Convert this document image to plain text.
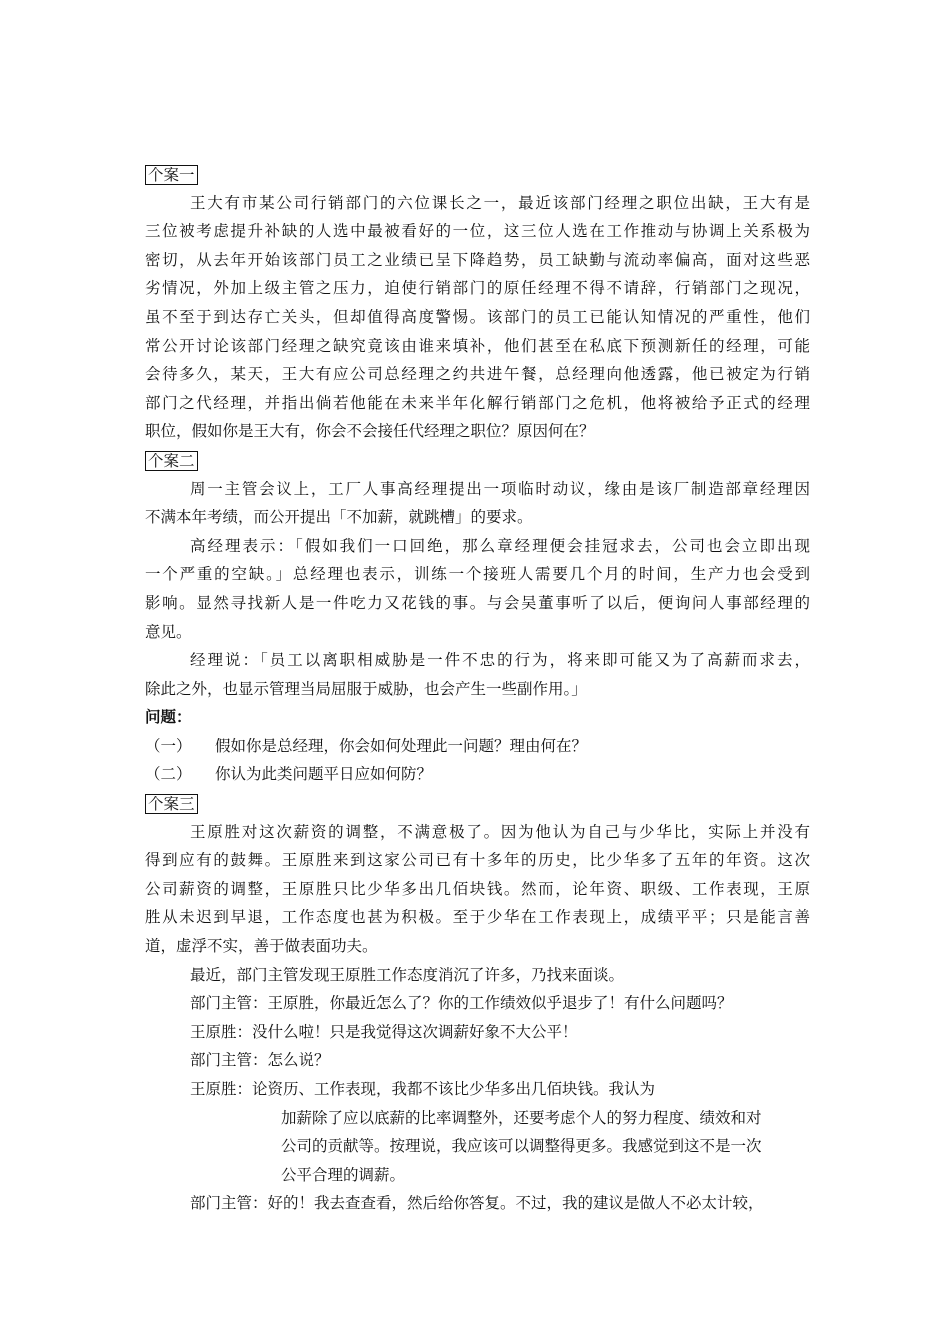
个案一
王大有市某公司行销部门的六位课长之一，最近该部门经理之职位出缺，王大有是
三位被考虑提升补缺的人选中最被看好的一位，这三位人选在工作推动与协调上关系极为
密切，从去年开始该部门员工之业绩已呈下降趋势，员工缺勤与流动率偏高，面对这些恶
劣情况，外加上级主管之压力，迫使行销部门的原任经理不得不请辞，行销部门之现况，
虽不至于到达存亡关头，但却值得高度警惕。该部门的员工已能认知情况的严重性，他们
常公开讨论该部门经理之缺究竟该由谁来填补，他们甚至在私底下预测新任的经理，可能
会待多久，某天，王大有应公司总经理之约共进午餐，总经理向他透露，他已被定为行销
部门之代经理，并指出倘若他能在未来半年化解行销部门之危机，他将被给予正式的经理
职位，假如你是王大有，你会不会接任代经理之职位？原因何在？
个案二
周一主管会议上，工厂人事高经理提出一项临时动议，缘由是该厂制造部章经理因
不满本年考绩，而公开提出「不加薪，就跳槽」的要求。
高经理表示：「假如我们一口回绝，那么章经理便会挂冠求去，公司也会立即出现
一个严重的空缺。」总经理也表示，训练一个接班人需要几个月的时间，生产力也会受到
影响。显然寻找新人是一件吃力又花钱的事。与会吴董事听了以后，便询问人事部经理的
意见。
经理说：「员工以离职相威胁是一件不忠的行为，将来即可能又为了高薪而求去，
除此之外，也显示管理当局屈服于威胁，也会产生一些副作用。」
问题：
（一） 假如你是总经理，你会如何处理此一问题？理由何在？
（二） 你认为此类问题平日应如何防？
个案三
王原胜对这次薪资的调整，不满意极了。因为他认为自己与少华比，实际上并没有
得到应有的鼓舞。王原胜来到这家公司已有十多年的历史，比少华多了五年的年资。这次
公司薪资的调整，王原胜只比少华多出几佰块钱。然而，论年资、职级、工作表现，王原
胜从未迟到早退，工作态度也甚为积极。至于少华在工作表现上，成绩平平；只是能言善
道，虚浮不实，善于做表面功夫。
最近，部门主管发现王原胜工作态度消沉了许多，乃找来面谈。
部门主管：王原胜，你最近怎么了？你的工作绩效似乎退步了！有什么问题吗？
王原胜：没什么啦！只是我觉得这次调薪好象不大公平！
部门主管：怎么说？
王原胜：论资历、工作表现，我都不该比少华多出几佰块钱。我认为
加薪除了应以底薪的比率调整外，还要考虑个人的努力程度、绩效和对
公司的贡献等。按理说，我应该可以调整得更多。我感觉到这不是一次
公平合理的调薪。
部门主管：好的！我去查查看，然后给你答复。不过，我的建议是做人不必太计较，
